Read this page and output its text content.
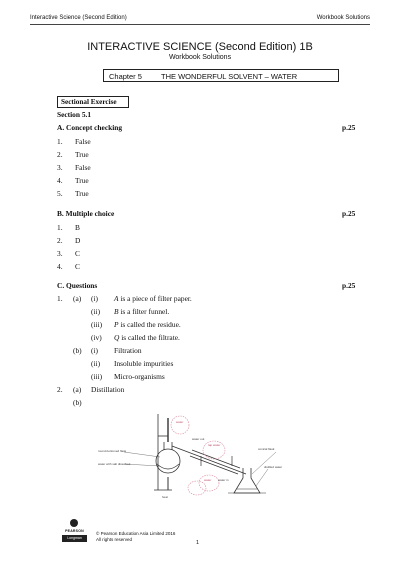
Interactive Science (Second Edition)	Workbook Solutions
INTERACTIVE SCIENCE (Second Edition) 1B
Workbook Solutions
Chapter 5	THE WONDERFUL SOLVENT – WATER
Sectional Exercise
Section 5.1
A. Concept checking	p.25
1. False
2. True
3. False
4. True
5. True
B. Multiple choice	p.25
1. B
2. D
3. C
4. C
C. Questions	p.25
1. (a) (i) A is a piece of filter paper.
(ii) B is a filter funnel.
(iii) P is called the residue.
(iv) Q is called the filtrate.
(b) (i) Filtration
(ii) Insoluble impurities
(iii) Micro-organisms
2. (a) Distillation
(b)
round-bottomed flask
water with salt dissolved
heat
conical flask
distilled water
water
tap water
water
water out
water in
PEARSON
Longman
© Pearson Education Asia Limited 2016
All rights reserved
1
